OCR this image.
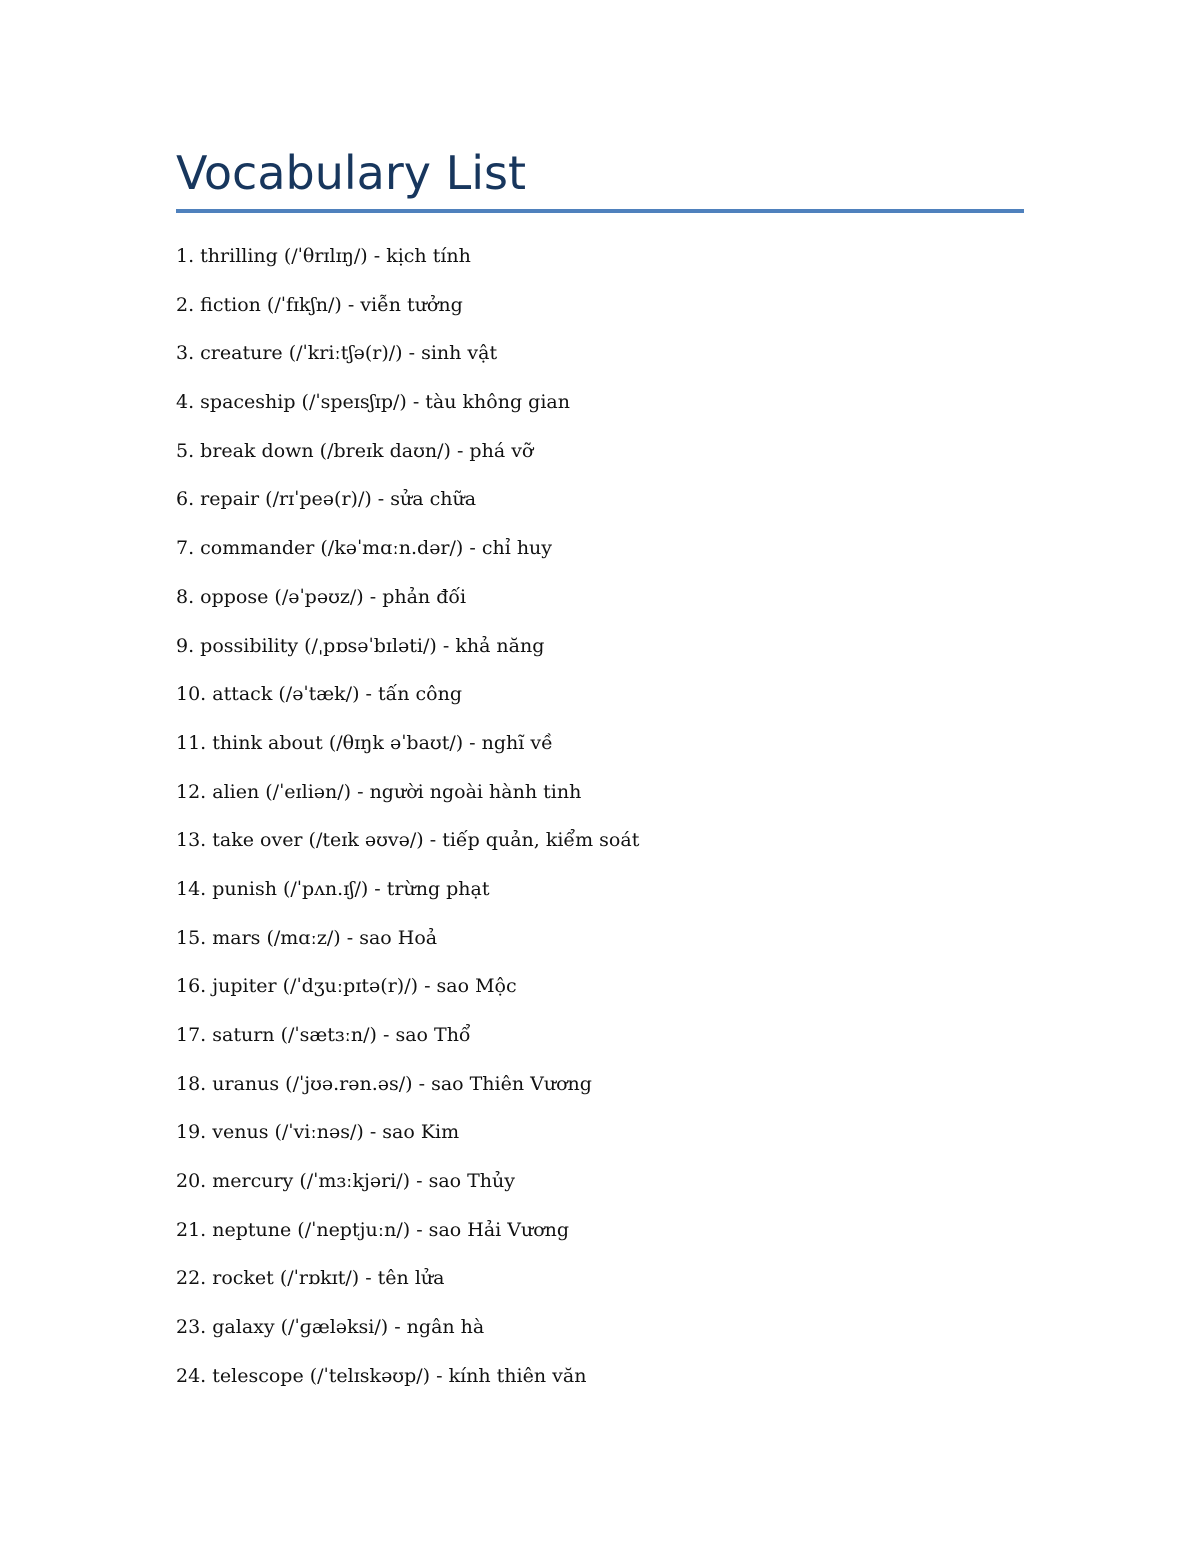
Vocabulary List
1. thrilling (/ˈθrɪlɪŋ/) - kịch tính
2. fiction (/ˈfɪkʃn/) - viễn tưởng
3. creature (/ˈkriːtʃə(r)/) - sinh vật
4. spaceship (/ˈspeɪsʃɪp/) - tàu không gian
5. break down (/breɪk daʊn/) - phá vỡ
6. repair (/rɪˈpeə(r)/) - sửa chữa
7. commander (/kəˈmɑːn.dər/) - chỉ huy
8. oppose (/əˈpəʊz/) - phản đối
9. possibility (/ˌpɒsəˈbɪləti/) - khả năng
10. attack (/əˈtæk/) - tấn công
11. think about (/θɪŋk əˈbaʊt/) - nghĩ về
12. alien (/ˈeɪliən/) - người ngoài hành tinh
13. take over (/teɪk əʊvə/) - tiếp quản, kiểm soát
14. punish (/ˈpʌn.ɪʃ/) - trừng phạt
15. mars (/mɑːz/) - sao Hoả
16. jupiter (/ˈdʒuːpɪtə(r)/) - sao Mộc
17. saturn (/ˈsætɜːn/) - sao Thổ
18. uranus (/ˈjʊə.rən.əs/) - sao Thiên Vương
19. venus (/ˈviːnəs/) - sao Kim
20. mercury (/ˈmɜːkjəri/) - sao Thủy
21. neptune (/ˈneptjuːn/) - sao Hải Vương
22. rocket (/ˈrɒkɪt/) - tên lửa
23. galaxy (/ˈɡæləksi/) - ngân hà
24. telescope (/ˈtelɪskəʊp/) - kính thiên văn
